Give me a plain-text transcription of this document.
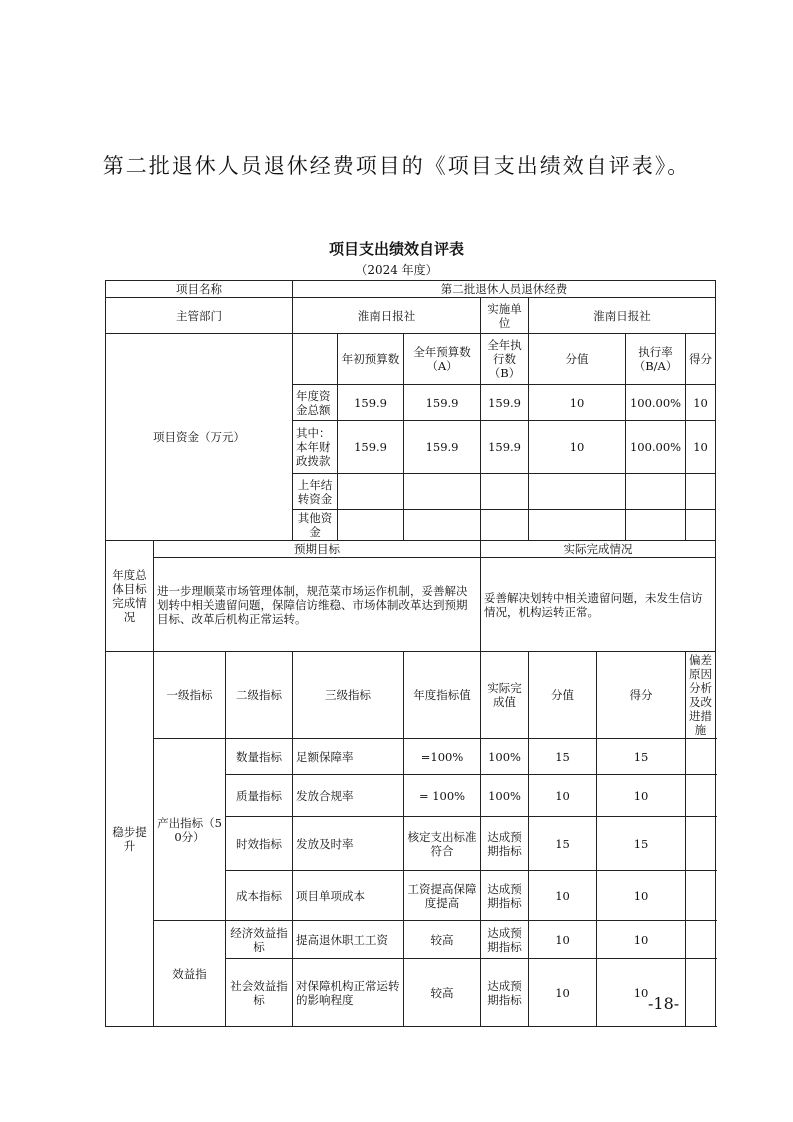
第二批退休人员退休经费项目的《项目支出绩效自评表》。
项目支出绩效自评表
（2024 年度）
项目名称			第二批退休人员退休经费							
主管部门			淮南日报社			实施单位	淮南日报社			
项目资金（万元）				年初预算数	全年预算数（A）	全年执行数（B）	分值		执行率（B/A）	得分
			年度资金总额	159.9	159.9	159.9	10		100.00%	10
			其中：本年财政拨款	159.9	159.9	159.9	10		100.00%	10
			上年结转资金							
			其他资金							
年度总体目标完成情况	预期目标					实际完成情况				
	进一步理顺菜市场管理体制，规范菜市场运作机制，妥善解决划转中相关遗留问题，保障信访维稳、市场体制改革达到预期目标、改革后机构正常运转。					妥善解决划转中相关遗留问题，未发生信访情况，机构运转正常。				
稳步提升	一级指标	二级指标	三级指标		年度指标值	实际完成值	分值	得分		偏差原因分析及改进措施
	产出指标（50分）	数量指标	足额保障率		=100%	100%	15	15		
		质量指标	发放合规率		= 100%	100%	10	10		
		时效指标	发放及时率		核定支出标准符合	达成预期指标	15	15		
		成本指标	项目单项成本		工资提高保障度提高	达成预期指标	10	10		
	效益指	经济效益指标	提高退休职工工资		较高	达成预期指标	10	10		
		社会效益指标	对保障机构正常运转的影响程度		较高	达成预期指标	10	10		
-18-
